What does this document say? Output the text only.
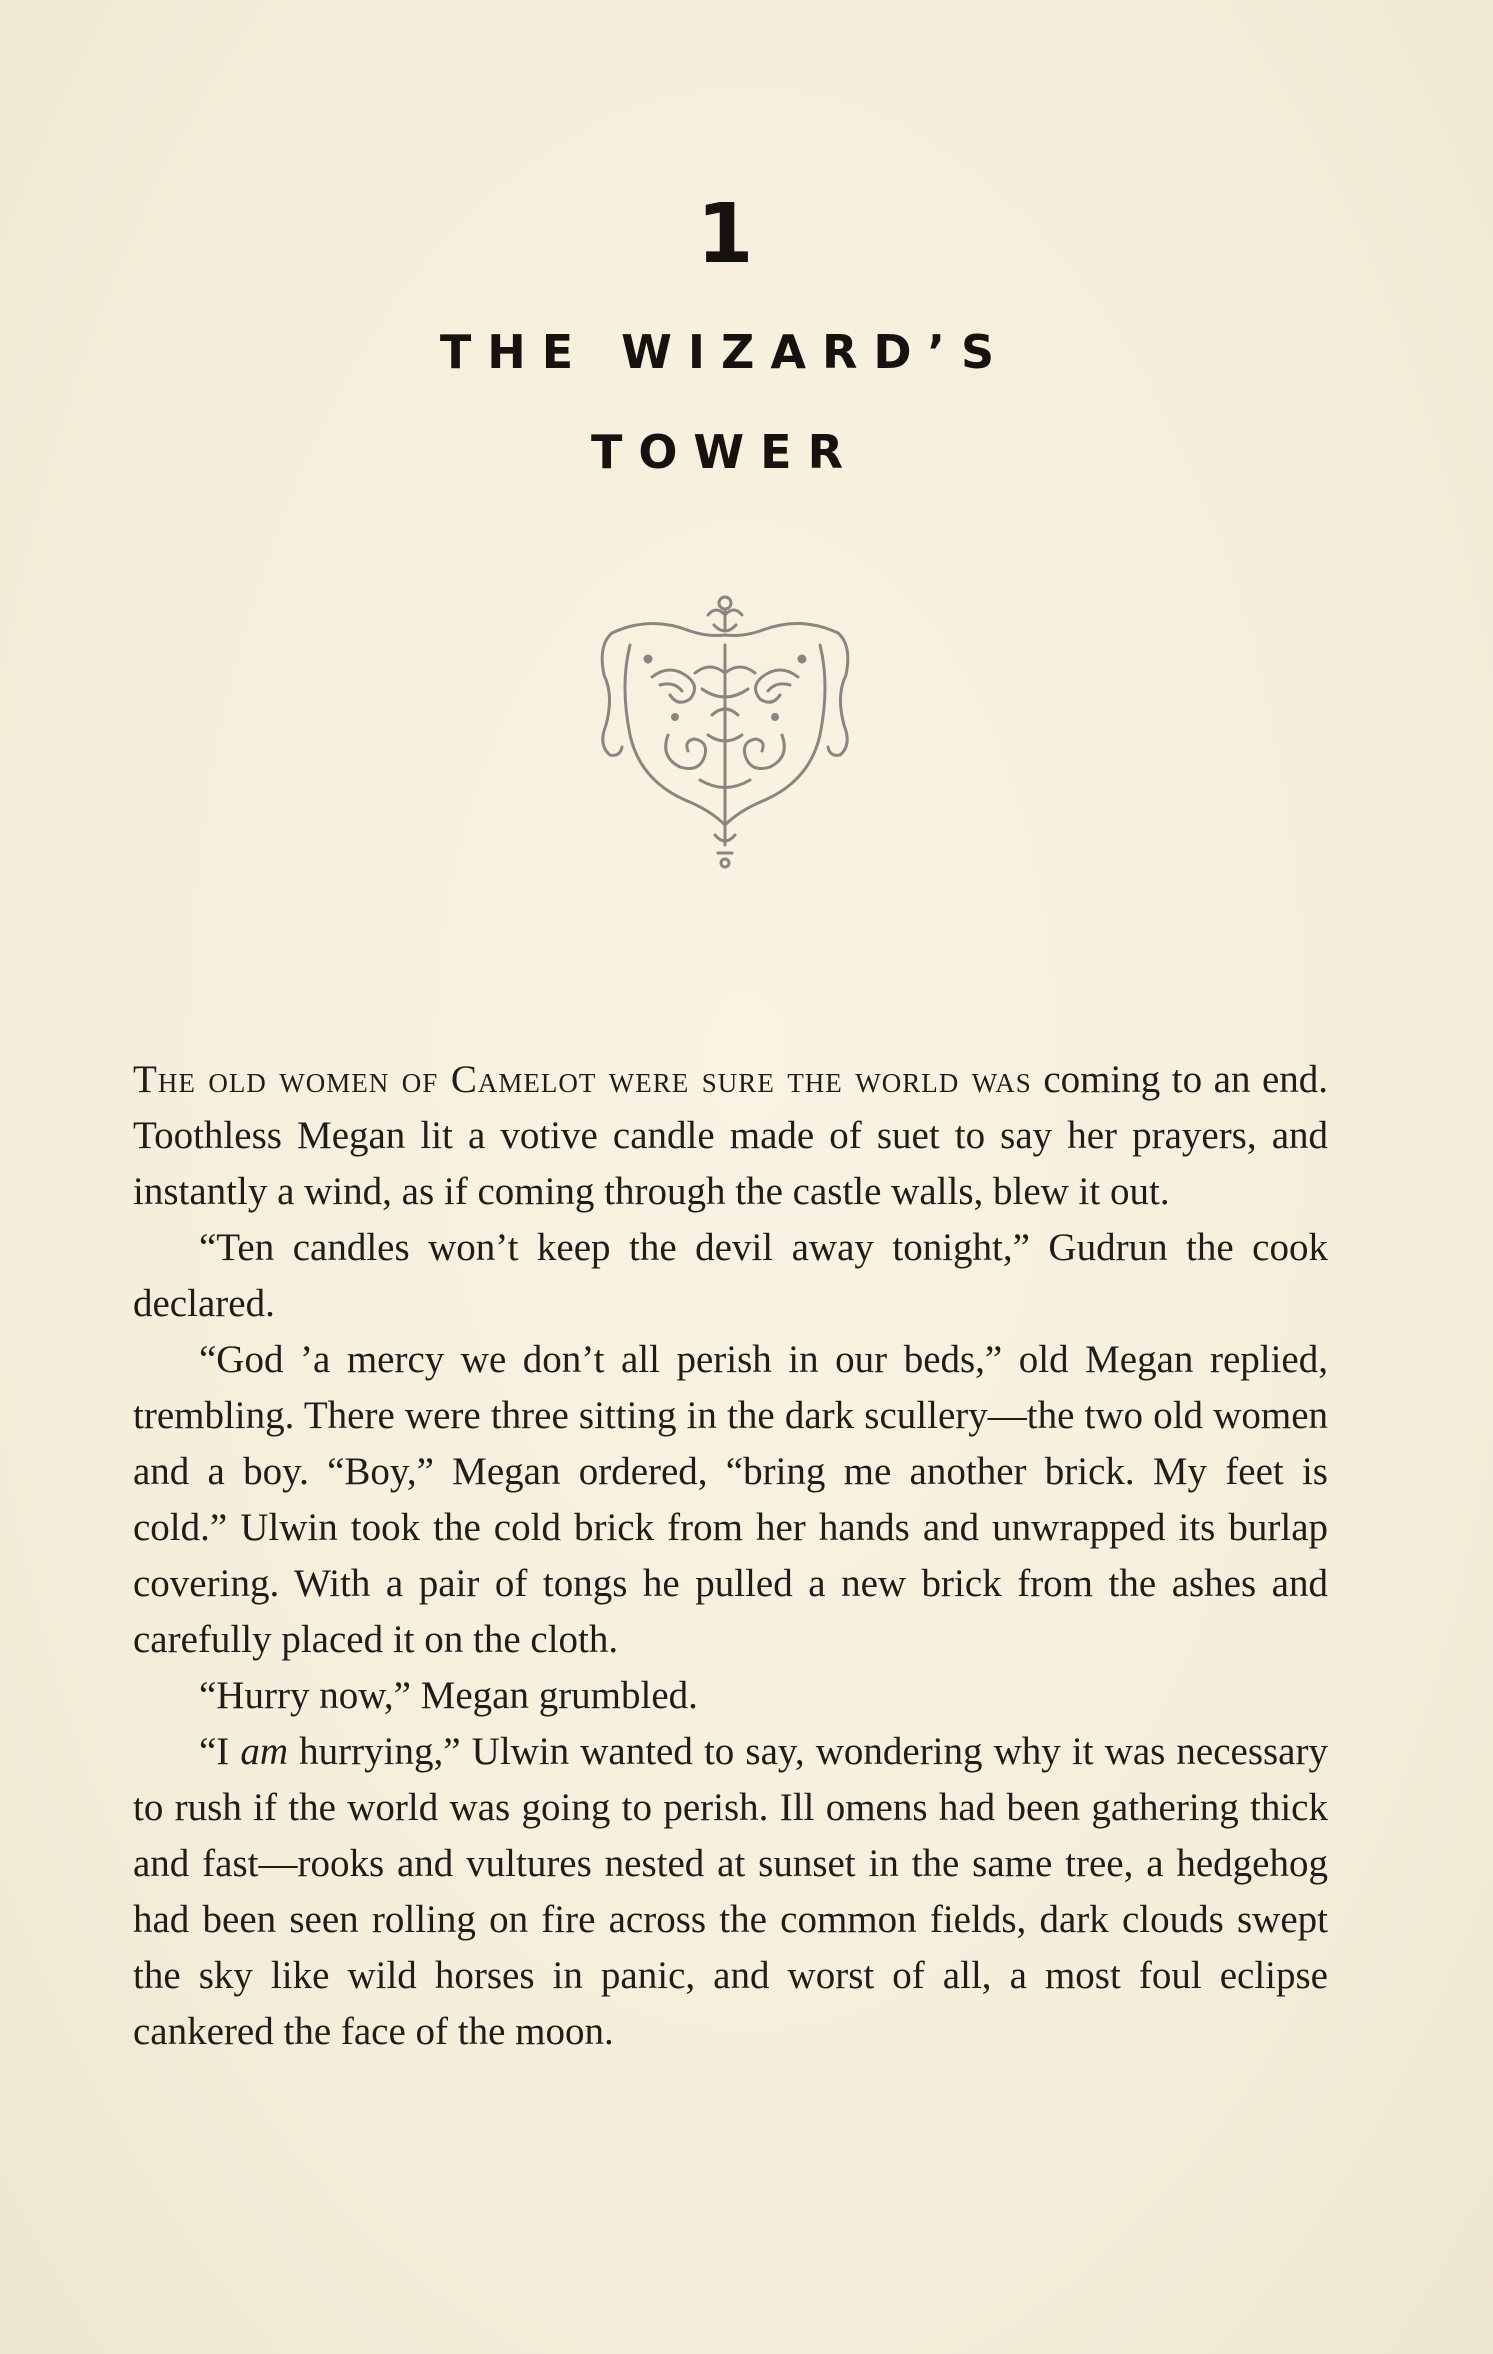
1
THE WIZARD’S
TOWER

The old women of Camelot were sure the world was coming to an end. Toothless Megan lit a votive candle made of suet to say her prayers, and instantly a wind, as if coming through the castle walls, blew it out.

“Ten candles won’t keep the devil away tonight,” Gudrun the cook declared.

“God ’a mercy we don’t all perish in our beds,” old Megan replied, trembling. There were three sitting in the dark scullery—the two old women and a boy. “Boy,” Megan ordered, “bring me another brick. My feet is cold.” Ulwin took the cold brick from her hands and unwrapped its burlap covering. With a pair of tongs he pulled a new brick from the ashes and carefully placed it on the cloth.

“Hurry now,” Megan grumbled.

“I am hurrying,” Ulwin wanted to say, wondering why it was necessary to rush if the world was going to perish. Ill omens had been gathering thick and fast—rooks and vultures nested at sunset in the same tree, a hedgehog had been seen rolling on fire across the common fields, dark clouds swept the sky like wild horses in panic, and worst of all, a most foul eclipse cankered the face of the moon.
